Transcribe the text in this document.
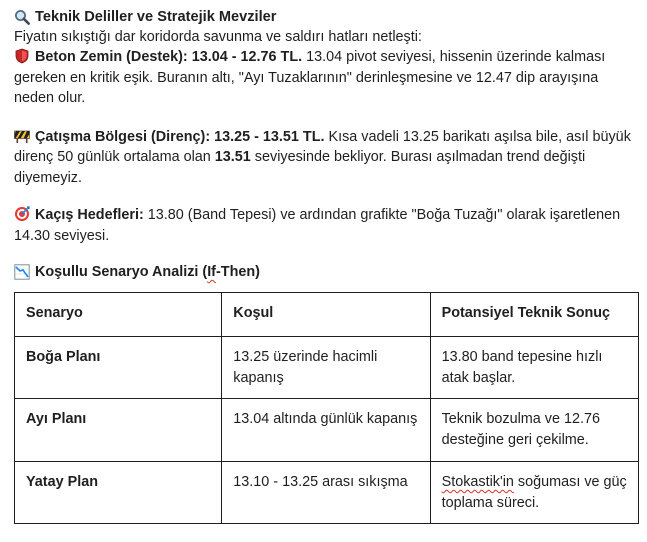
Teknik Deliller ve Stratejik Mevziler

Fiyatın sıkıştığı dar koridorda savunma ve saldırı hatları netleşti:

Beton Zemin (Destek): 13.04 - 12.76 TL. 13.04 pivot seviyesi, hissenin üzerinde kalması gereken en kritik eşik. Buranın altı, "Ayı Tuzaklarının" derinleşmesine ve 12.47 dip arayışına neden olur.

Çatışma Bölgesi (Direnç): 13.25 - 13.51 TL. Kısa vadeli 13.25 barikatı aşılsa bile, asıl büyük direnç 50 günlük ortalama olan 13.51 seviyesinde bekliyor. Burası aşılmadan trend değişti diyemeyiz.

Kaçış Hedefleri: 13.80 (Band Tepesi) ve ardından grafikte "Boğa Tuzağı" olarak işaretlenen 14.30 seviyesi.

Koşullu Senaryo Analizi ( If -Then)
Senaryo	Koşul	Potansiyel Teknik Sonuç
Boğa Planı	13.25 üzerinde hacimli kapanış	13.80 band tepesine hızlı atak başlar.
Ayı Planı	13.04 altında günlük kapanış	Teknik bozulma ve 12.76 desteğine geri çekilme.
Yatay Plan	13.10 - 13.25 arası sıkışma	Stokastik'in soğuması ve güç toplama süreci.
